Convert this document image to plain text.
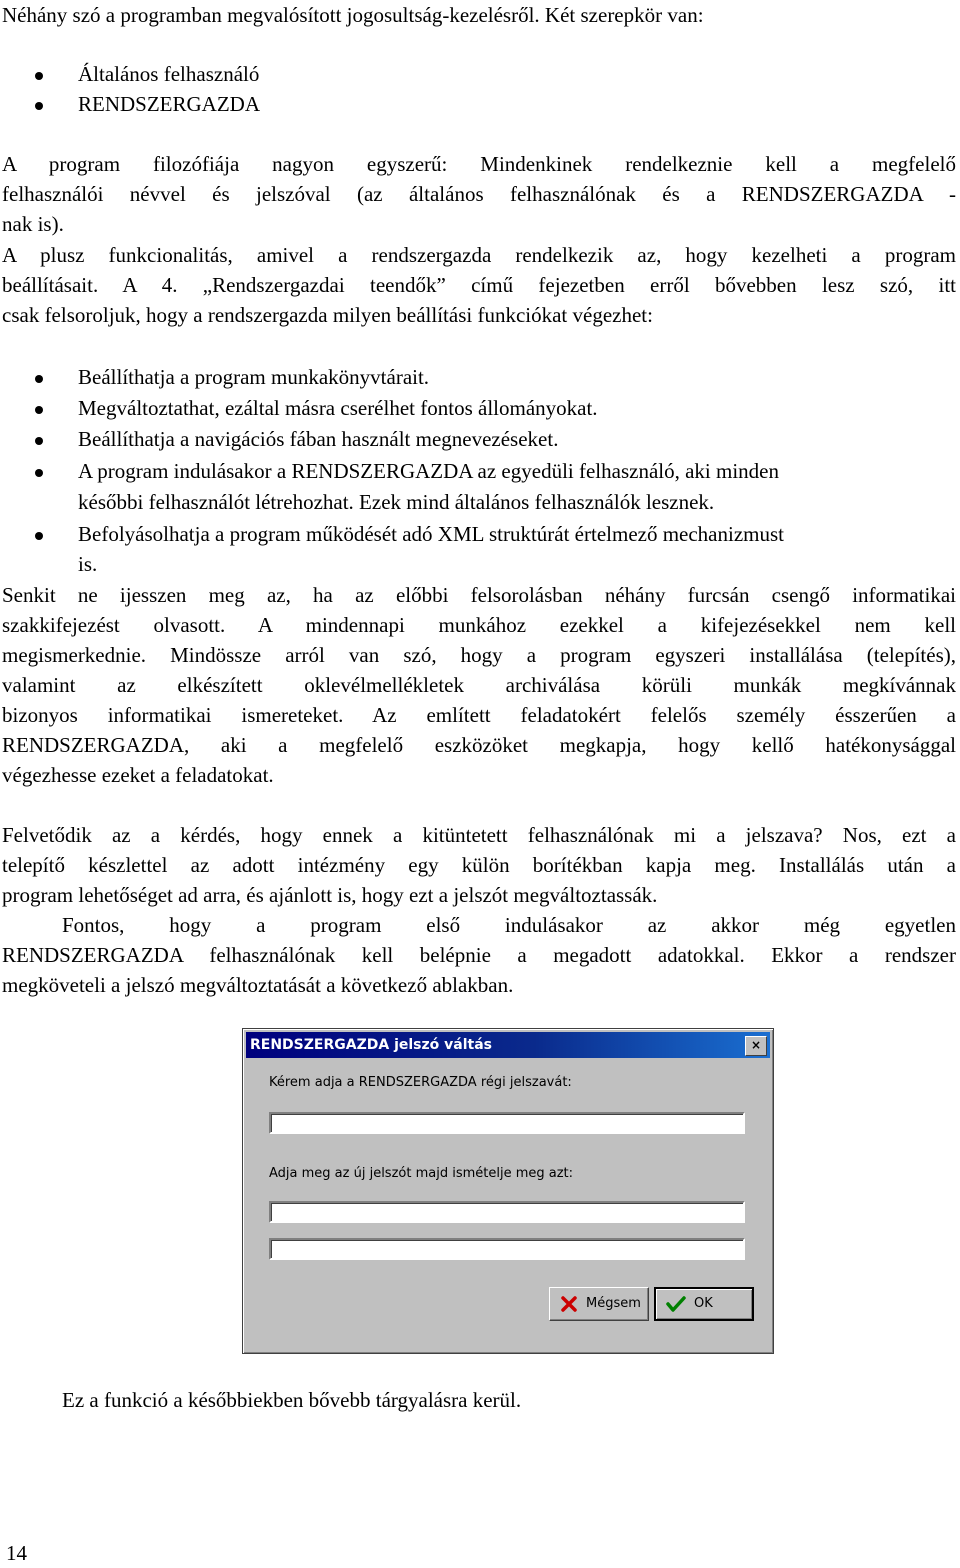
Néhány szó a programban megvalósított jogosultság-kezelésről. Két szerepkör van:
Általános felhasználó
RENDSZERGAZDA
A program filozófiája nagyon egyszerű: Mindenkinek rendelkeznie kell a megfelelő
felhasználói névvel és jelszóval (az általános felhasználónak és a RENDSZERGAZDA -
nak is).
A plusz funkcionalitás, amivel a rendszergazda rendelkezik az, hogy kezelheti a program
beállításait. A 4. „Rendszergazdai teendők” című fejezetben erről bővebben lesz szó, itt
csak felsoroljuk, hogy a rendszergazda milyen beállítási funkciókat végezhet:
Beállíthatja a program munkakönyvtárait.
Megváltoztathat, ezáltal másra cserélhet fontos állományokat.
Beállíthatja a navigációs fában használt megnevezéseket.
A program indulásakor a RENDSZERGAZDA az egyedüli felhasználó, aki minden
későbbi felhasználót létrehozhat. Ezek mind általános felhasználók lesznek.
Befolyásolhatja a program működését adó XML struktúrát értelmező mechanizmust
is.
Senkit ne ijesszen meg az, ha az előbbi felsorolásban néhány furcsán csengő informatikai
szakkifejezést olvasott. A mindennapi munkához ezekkel a kifejezésekkel nem kell
megismerkednie. Mindössze arról van szó, hogy a program egyszeri installálása (telepítés),
valamint az elkészített oklevélmellékletek archiválása körüli munkák megkívánnak
bizonyos informatikai ismereteket. Az említett feladatokért felelős személy ésszerűen a
RENDSZERGAZDA, aki a megfelelő eszközöket megkapja, hogy kellő hatékonysággal
végezhesse ezeket a feladatokat.
Felvetődik az a kérdés, hogy ennek a kitüntetett felhasználónak mi a jelszava? Nos, ezt a
telepítő készlettel az adott intézmény egy külön borítékban kapja meg. Installálás után a
program lehetőséget ad arra, és ajánlott is, hogy ezt a jelszót megváltoztassák.
Fontos, hogy a program első indulásakor az akkor még egyetlen
RENDSZERGAZDA felhasználónak kell belépnie a megadott adatokkal. Ekkor a rendszer
megköveteli a jelszó megváltoztatását a következő ablakban.
RENDSZERGAZDA jelszó váltás	×
Kérem adja a RENDSZERGAZDA régi jelszavát:
Adja meg az új jelszót majd ismételje meg azt:
Mégsem	OK
Ez a funkció a későbbiekben bővebb tárgyalásra kerül.
14
